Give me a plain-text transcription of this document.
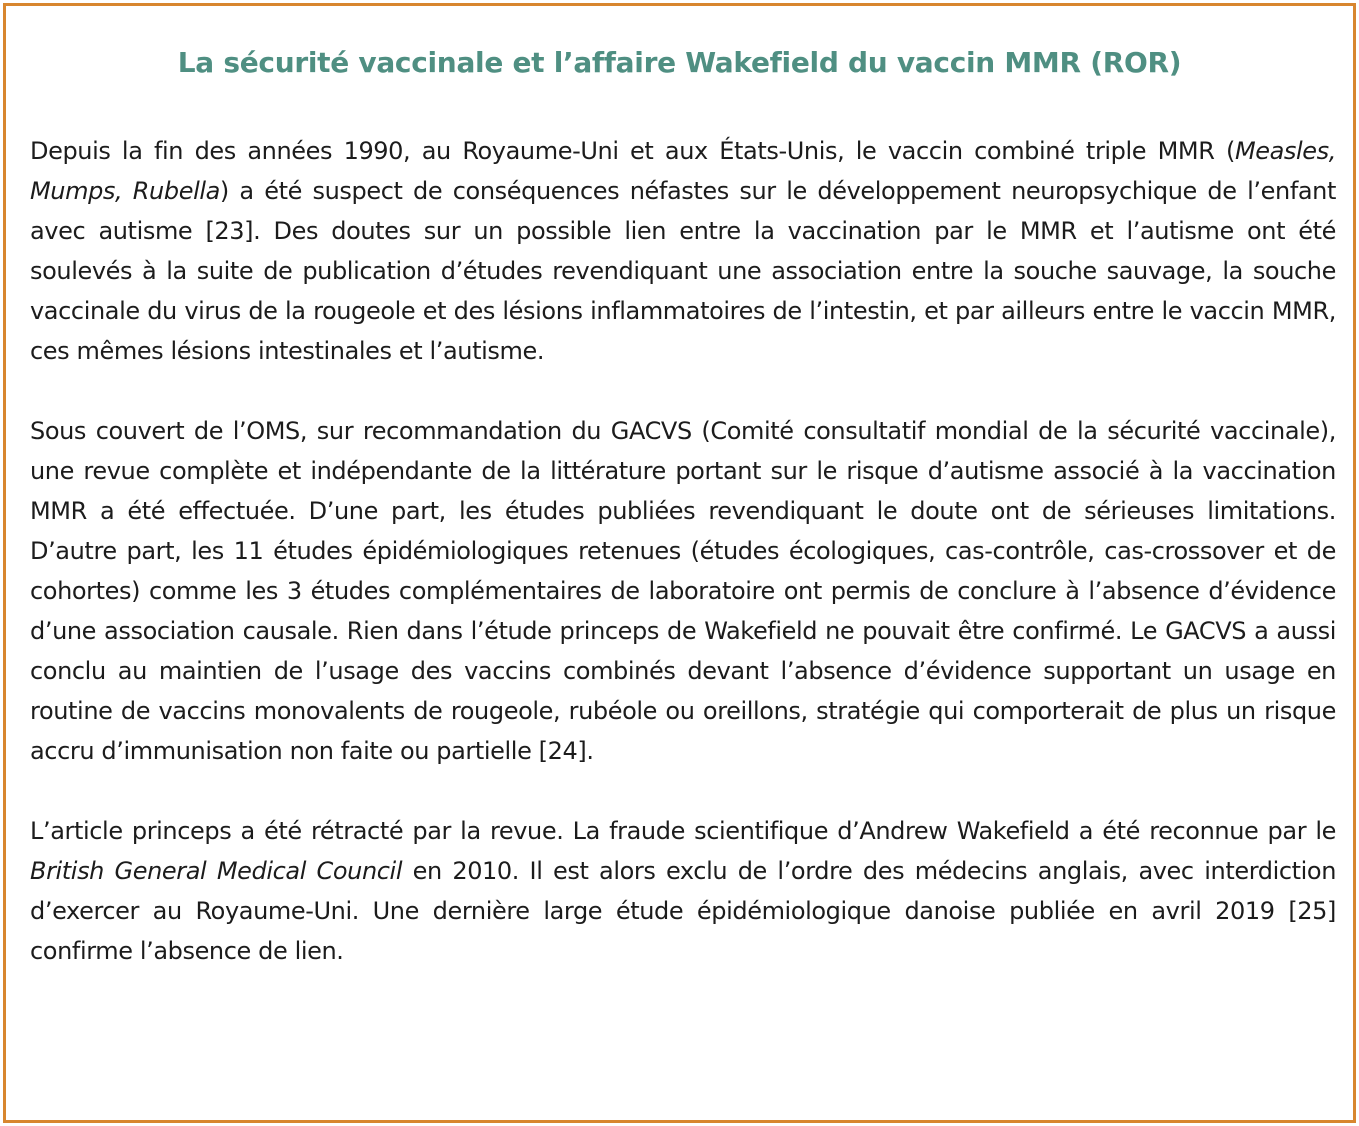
La sécurité vaccinale et l’affaire Wakefield du vaccin MMR (ROR)

Depuis la fin des années 1990, au Royaume-Uni et aux États-Unis, le vaccin combiné triple MMR (Measles, Mumps, Rubella) a été suspect de conséquences néfastes sur le développement neuropsychique de l’enfant avec autisme [23]. Des doutes sur un possible lien entre la vaccination par le MMR et l’autisme ont été soulevés à la suite de publication d’études revendiquant une association entre la souche sauvage, la souche vaccinale du virus de la rougeole et des lésions inflammatoires de l’intestin, et par ailleurs entre le vaccin MMR, ces mêmes lésions intestinales et l’autisme.

Sous couvert de l’OMS, sur recommandation du GACVS (Comité consultatif mondial de la sécurité vaccinale), une revue complète et indépendante de la littérature portant sur le risque d’autisme associé à la vaccination MMR a été effectuée. D’une part, les études publiées revendiquant le doute ont de sérieuses limitations. D’autre part, les 11 études épidémiologiques retenues (études écologiques, cas-contrôle, cas-crossover et de cohortes) comme les 3 études complémentaires de laboratoire ont permis de conclure à l’absence d’évidence d’une association causale. Rien dans l’étude princeps de Wakefield ne pouvait être confirmé. Le GACVS a aussi conclu au maintien de l’usage des vaccins combinés devant l’absence d’évidence supportant un usage en routine de vaccins monovalents de rougeole, rubéole ou oreillons, stratégie qui comporterait de plus un risque accru d’immunisation non faite ou partielle [24].

L’article princeps a été rétracté par la revue. La fraude scientifique d’Andrew Wakefield a été reconnue par le British General Medical Council en 2010. Il est alors exclu de l’ordre des médecins anglais, avec interdiction d’exercer au Royaume-Uni. Une dernière large étude épidémiologique danoise publiée en avril 2019 [25] confirme l’absence de lien.
